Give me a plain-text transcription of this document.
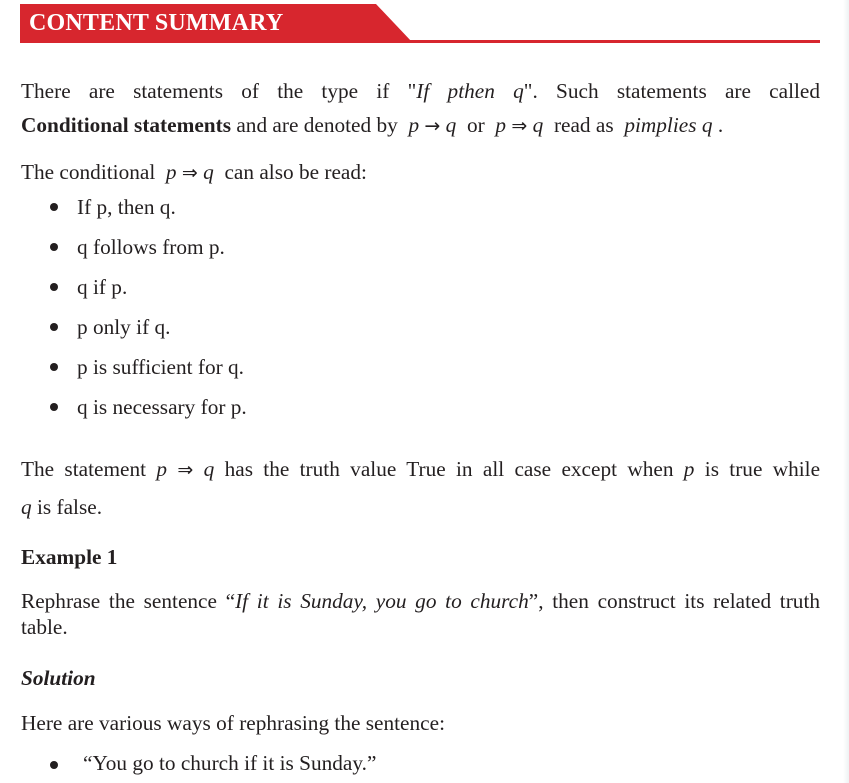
CONTENT SUMMARY
There are statements of the type if "If pthen q". Such statements are called
Conditional statements and are denoted by p → q or p ⇒ q read as pimplies q .
The conditional p ⇒ q can also be read:
If p, then q.
q follows from p.
q if p.
p only if q.
p is sufficient for q.
q is necessary for p.
The statement p ⇒ q has the truth value True in all case except when p is true while
q is false.
Example 1
Rephrase the sentence “If it is Sunday, you go to church”, then construct its related truth table.
Solution
Here are various ways of rephrasing the sentence:
“You go to church if it is Sunday.”
